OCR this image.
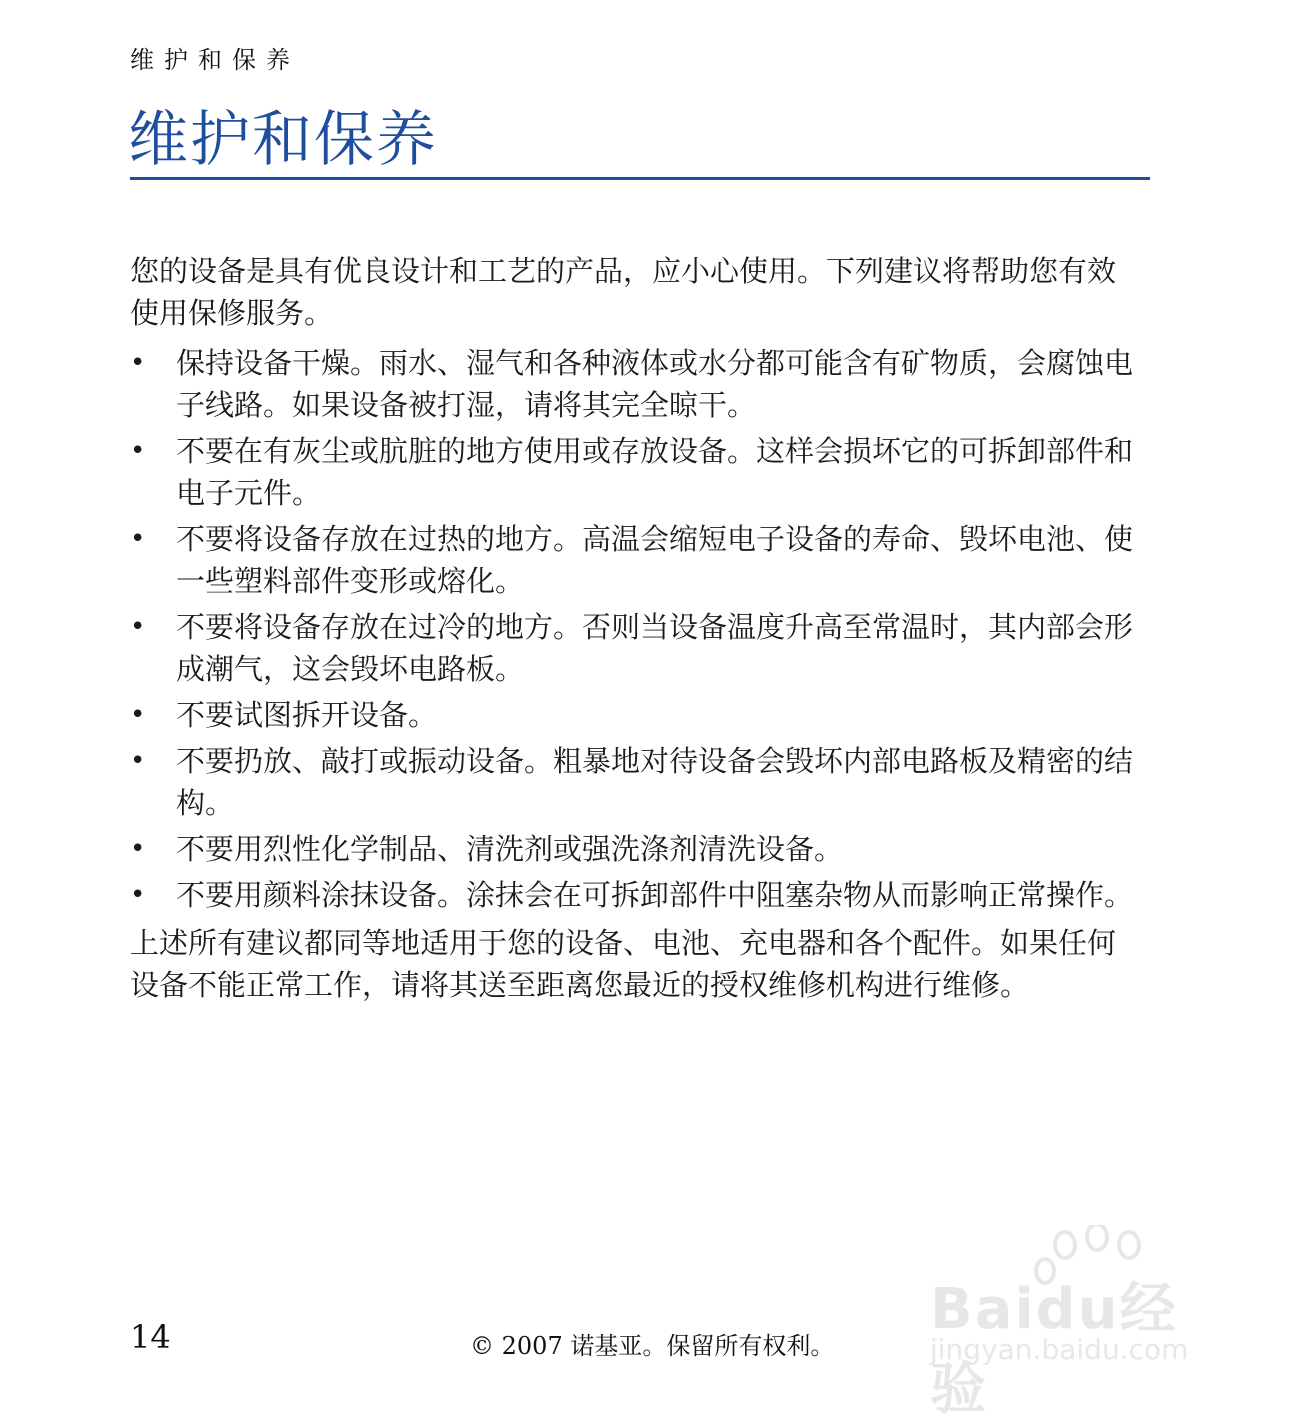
维护和保养
维护和保养

您的设备是具有优良设计和工艺的产品，应小心使用。下列建议将帮助您有效使用保修服务。

• 保持设备干燥。雨水、湿气和各种液体或水分都可能含有矿物质，会腐蚀电子线路。如果设备被打湿，请将其完全晾干。
• 不要在有灰尘或肮脏的地方使用或存放设备。这样会损坏它的可拆卸部件和电子元件。
• 不要将设备存放在过热的地方。高温会缩短电子设备的寿命、毁坏电池、使一些塑料部件变形或熔化。
• 不要将设备存放在过冷的地方。否则当设备温度升高至常温时，其内部会形成潮气，这会毁坏电路板。
• 不要试图拆开设备。
• 不要扔放、敲打或振动设备。粗暴地对待设备会毁坏内部电路板及精密的结构。
• 不要用烈性化学制品、清洗剂或强洗涤剂清洗设备。
• 不要用颜料涂抹设备。涂抹会在可拆卸部件中阻塞杂物从而影响正常操作。

上述所有建议都同等地适用于您的设备、电池、充电器和各个配件。如果任何设备不能正常工作，请将其送至距离您最近的授权维修机构进行维修。

14	© 2007 诺基亚。保留所有权利。
Baidu经验
jingyan.baidu.com
